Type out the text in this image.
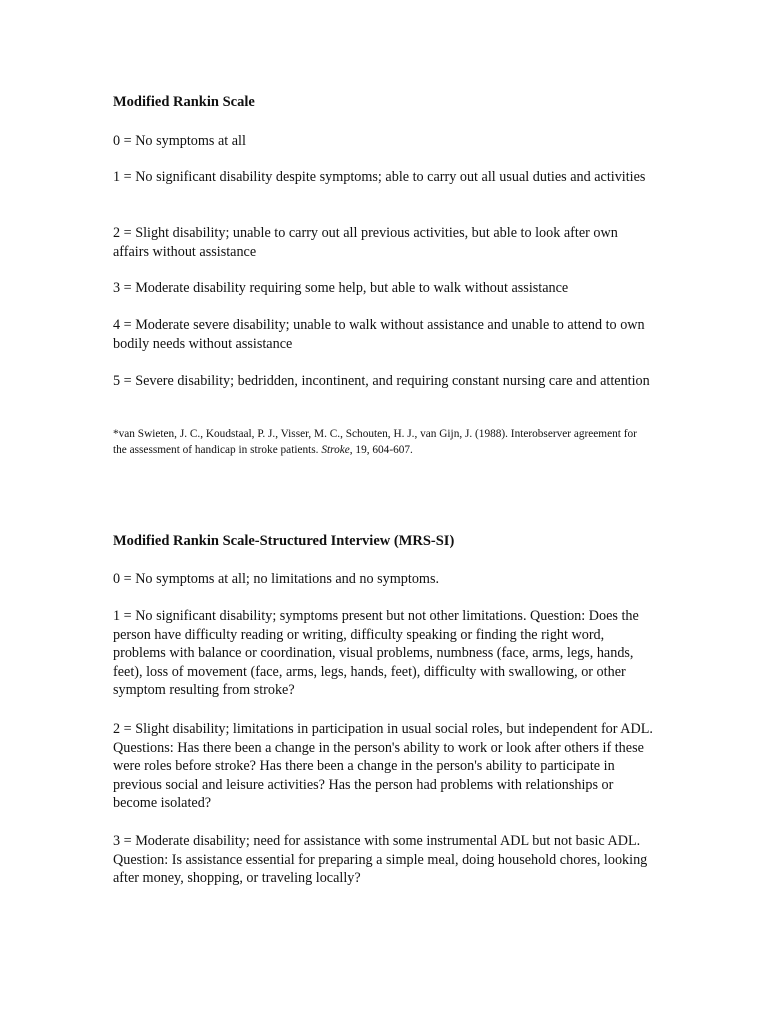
Modified Rankin Scale

0 = No symptoms at all

1 = No significant disability despite symptoms; able to carry out all usual duties and activities

2 = Slight disability; unable to carry out all previous activities, but able to look after own affairs without assistance

3 = Moderate disability requiring some help, but able to walk without assistance

4 = Moderate severe disability; unable to walk without assistance and unable to attend to own bodily needs without assistance

5 = Severe disability; bedridden, incontinent, and requiring constant nursing care and attention

*van Swieten, J. C., Koudstaal, P. J., Visser, M. C., Schouten, H. J., van Gijn, J. (1988). Interobserver agreement for the assessment of handicap in stroke patients. Stroke, 19, 604-607.

Modified Rankin Scale-Structured Interview (MRS-SI)

0 = No symptoms at all; no limitations and no symptoms.

1 = No significant disability; symptoms present but not other limitations. Question: Does the person have difficulty reading or writing, difficulty speaking or finding the right word, problems with balance or coordination, visual problems, numbness (face, arms, legs, hands, feet), loss of movement (face, arms, legs, hands, feet), difficulty with swallowing, or other symptom resulting from stroke?

2 = Slight disability; limitations in participation in usual social roles, but independent for ADL. Questions: Has there been a change in the person's ability to work or look after others if these were roles before stroke? Has there been a change in the person's ability to participate in previous social and leisure activities? Has the person had problems with relationships or become isolated?

3 = Moderate disability; need for assistance with some instrumental ADL but not basic ADL. Question: Is assistance essential for preparing a simple meal, doing household chores, looking after money, shopping, or traveling locally?
